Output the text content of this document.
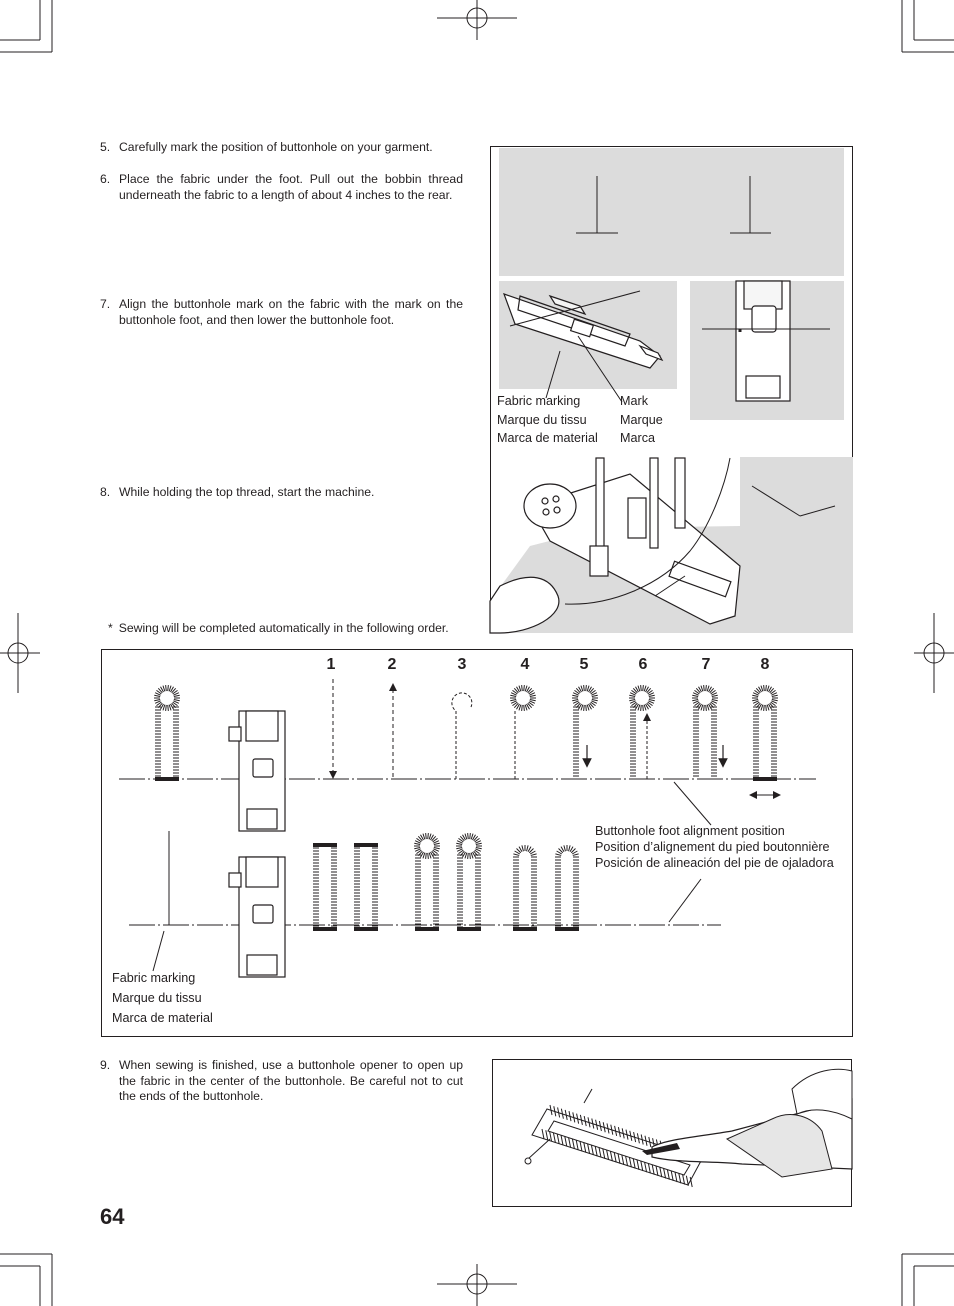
5. Carefully mark the position of buttonhole on your garment.
6. Place the fabric under the foot. Pull out the bobbin thread underneath the fabric to a length of about 4 inches to the rear.
7. Align the buttonhole mark on the fabric with the mark on the buttonhole foot, and then lower the buttonhole foot.
8. While holding the top thread, start the machine.
9. When sewing is finished, use a buttonhole opener to open up the fabric in the center of the buttonhole. Be careful not to cut the ends of the buttonhole.
* Sewing will be completed automatically in the following order.
Fabric marking
Marque du tissu
Marca de material
Mark
Marque
Marca
1	2	3	4	5	6	7	8
Buttonhole foot alignment position
Position d’alignement du pied boutonnière
Posición de alineación del pie de ojaladora
Fabric marking
Marque du tissu
Marca de material
64
